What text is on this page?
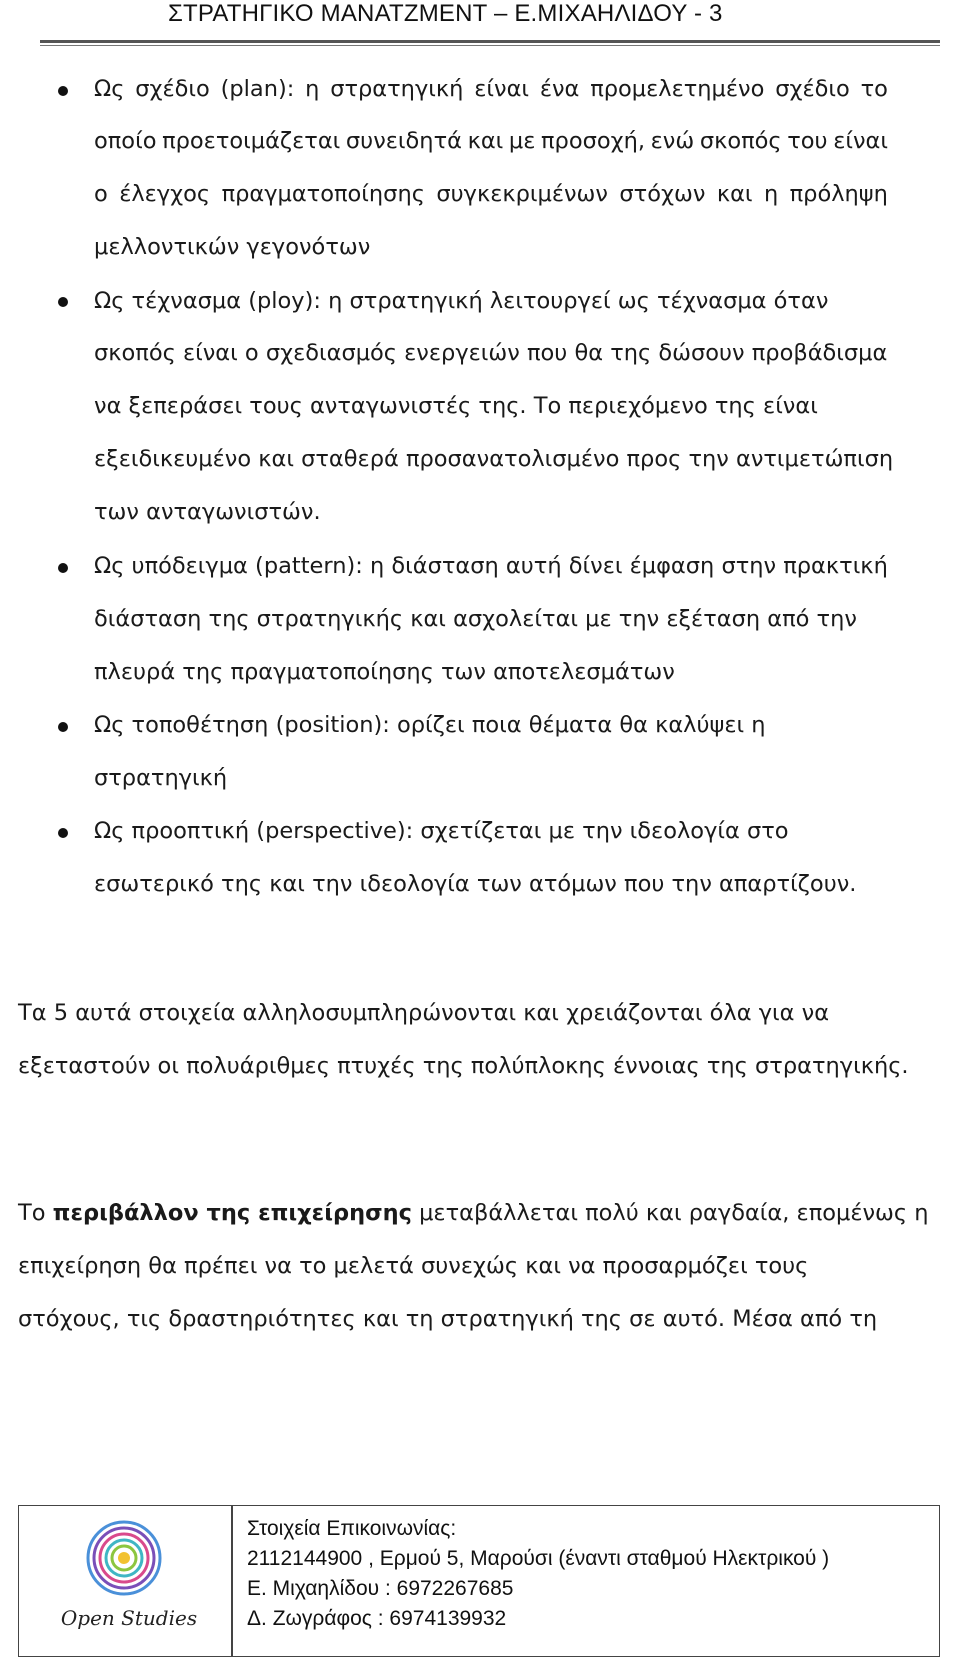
ΣΤΡΑΤΗΓΙΚΟ ΜΑΝΑΤΖΜΕΝΤ – Ε.ΜΙΧΑΗΛΙΔΟΥ - 3
Ως σχέδιο (plan): η στρατηγική είναι ένα προμελετημένο σχέδιο το
οποίο προετοιμάζεται συνειδητά και με προσοχή, ενώ σκοπός του είναι
ο έλεγχος πραγματοποίησης συγκεκριμένων στόχων και η πρόληψη
μελλοντικών γεγονότων
Ως τέχνασμα (ploy): η στρατηγική λειτουργεί ως τέχνασμα όταν
σκοπός είναι ο σχεδιασμός ενεργειών που θα της δώσουν προβάδισμα
να ξεπεράσει τους ανταγωνιστές της. Το περιεχόμενο της είναι
εξειδικευμένο και σταθερά προσανατολισμένο προς την αντιμετώπιση
των ανταγωνιστών.
Ως υπόδειγμα (pattern): η διάσταση αυτή δίνει έμφαση στην πρακτική
διάσταση της στρατηγικής και ασχολείται με την εξέταση από την
πλευρά της πραγματοποίησης των αποτελεσμάτων
Ως τοποθέτηση (position): ορίζει ποια θέματα θα καλύψει η
στρατηγική
Ως προοπτική (perspective): σχετίζεται με την ιδεολογία στο
εσωτερικό της και την ιδεολογία των ατόμων που την απαρτίζουν.
Τα 5 αυτά στοιχεία αλληλοσυμπληρώνονται και χρειάζονται όλα για να
εξεταστούν οι πολυάριθμες πτυχές της πολύπλοκης έννοιας της στρατηγικής.
Το περιβάλλον της επιχείρησης μεταβάλλεται πολύ και ραγδαία, επομένως η
επιχείρηση θα πρέπει να το μελετά συνεχώς και να προσαρμόζει τους
στόχους, τις δραστηριότητες και τη στρατηγική της σε αυτό. Μέσα από τη
Open Studies
Στοιχεία Επικοινωνίας:
2112144900 , Ερμού 5, Μαρούσι (έναντι σταθμού Ηλεκτρικού )
Ε. Μιχαηλίδου : 6972267685
Δ. Ζωγράφος : 6974139932
